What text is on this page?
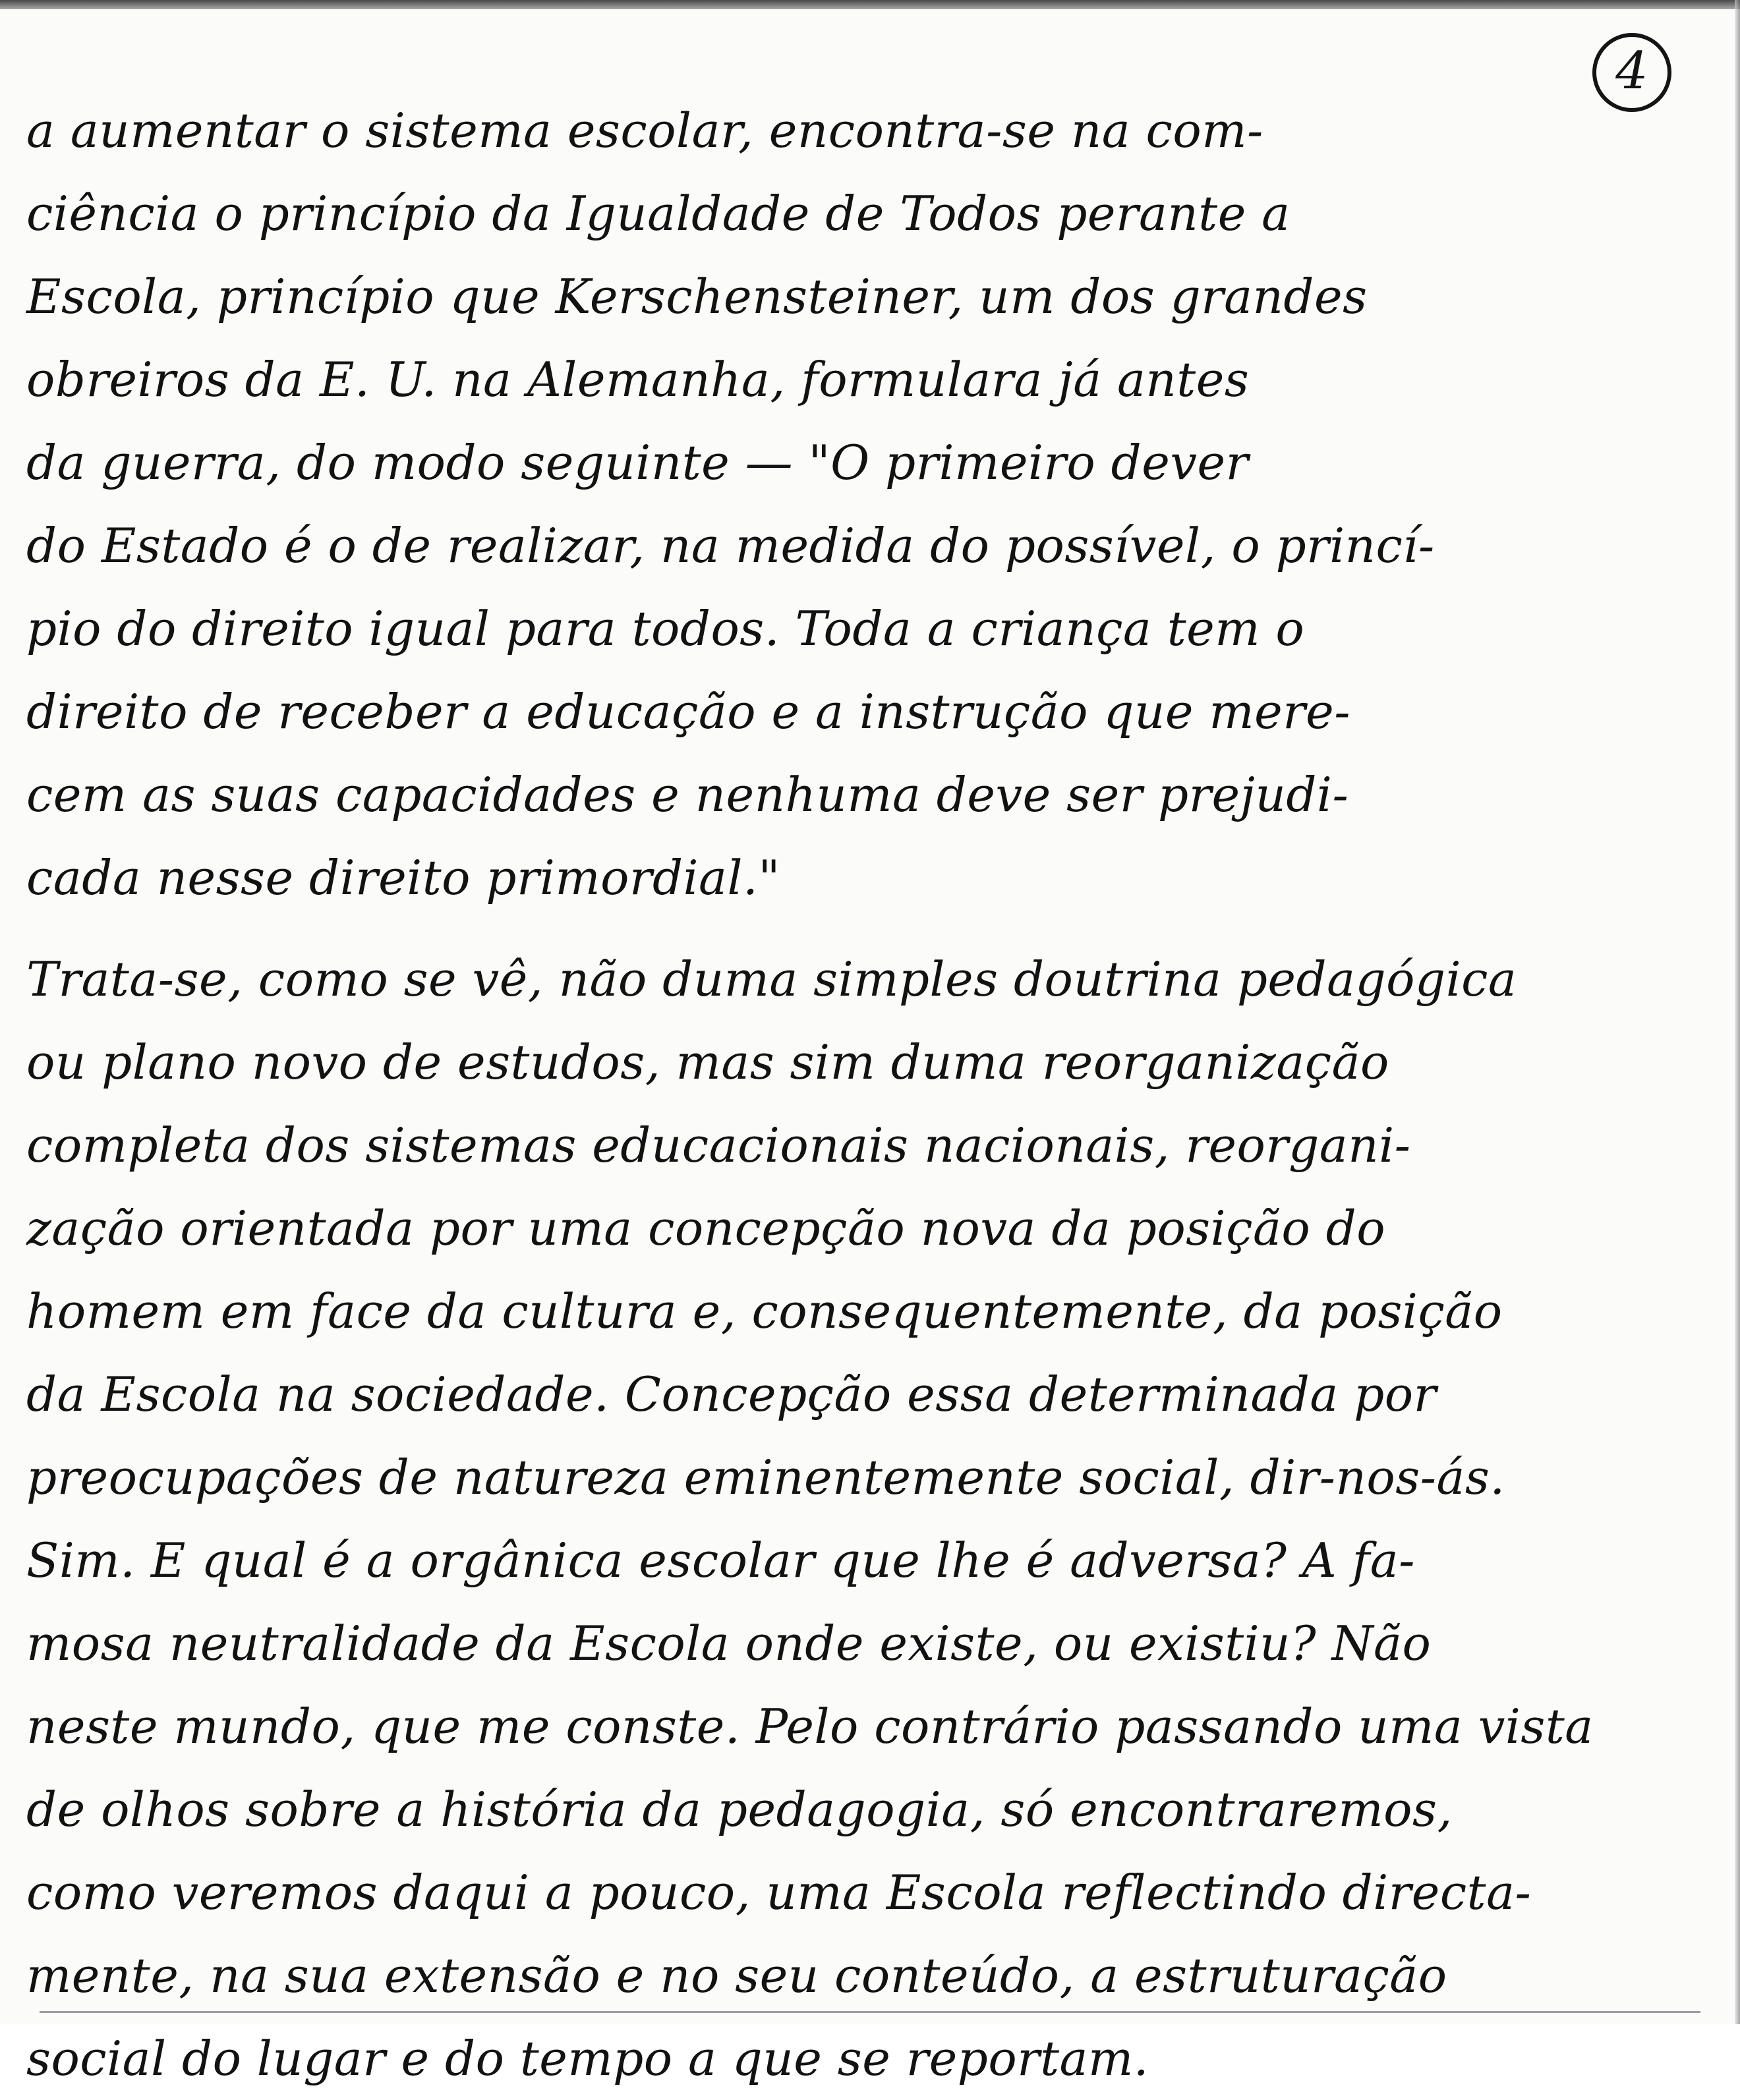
4
a aumentar o sistema escolar, encontra-se na com-
ciência o princípio da Igualdade de Todos perante a
Escola, princípio que Kerschensteiner, um dos grandes
obreiros da E. U. na Alemanha, formulara já antes
da guerra, do modo seguinte — "O primeiro dever
do Estado é o de realizar, na medida do possível, o princí-
pio do direito igual para todos. Toda a criança tem o
direito de receber a educação e a instrução que mere-
cem as suas capacidades e nenhuma deve ser prejudi-
cada nesse direito primordial."
Trata-se, como se vê, não duma simples doutrina pedagógica
ou plano novo de estudos, mas sim duma reorganização
completa dos sistemas educacionais nacionais, reorgani-
zação orientada por uma concepção nova da posição do
homem em face da cultura e, consequentemente, da posição
da Escola na sociedade. Concepção essa determinada por
preocupações de natureza eminentemente social, dir-nos-ás.
Sim. E qual é a orgânica escolar que lhe é adversa? A fa-
mosa neutralidade da Escola onde existe, ou existiu? Não
neste mundo, que me conste. Pelo contrário passando uma vista
de olhos sobre a história da pedagogia, só encontraremos,
como veremos daqui a pouco, uma Escola reflectindo directa-
mente, na sua extensão e no seu conteúdo, a estruturação
social do lugar e do tempo a que se reportam.
